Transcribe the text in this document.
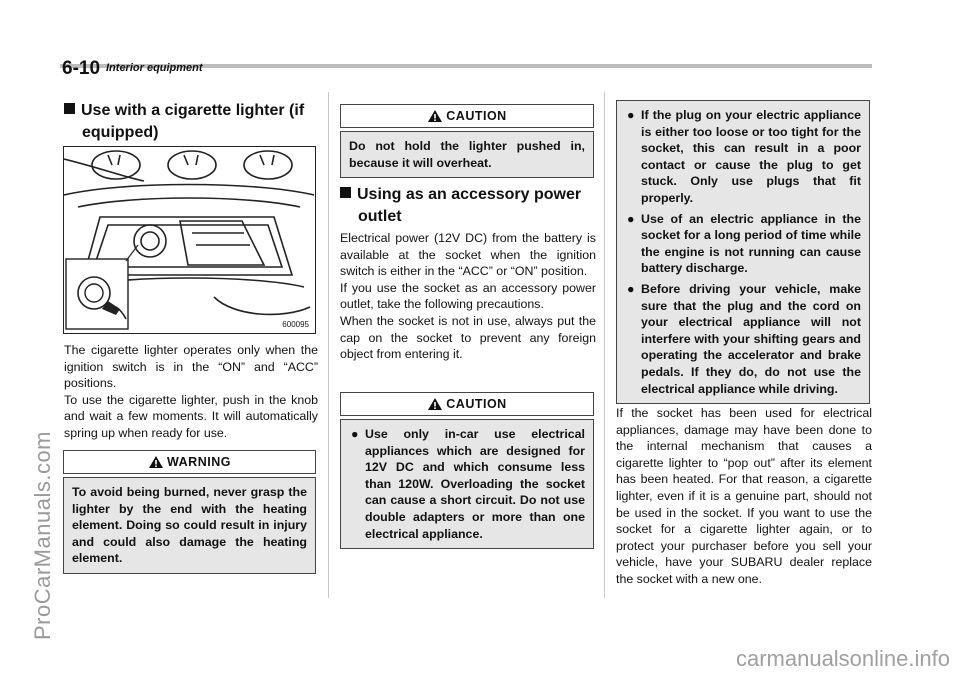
6-10 Interior equipment
Use with a cigarette lighter (if
equipped)
600095

The cigarette lighter operates only when the ignition switch is in the “ON” and “ACC” positions.

To use the cigarette lighter, push in the knob and wait a few moments. It will automatically spring up when ready for use.

WARNING
To avoid being burned, never grasp the lighter by the end with the heating element. Doing so could result in injury and could also damage the heating element.
CAUTION
Do not hold the lighter pushed in, because it will overheat.
Using as an accessory power
outlet

Electrical power (12V DC) from the battery is available at the socket when the ignition switch is either in the “ACC” or “ON” position.

If you use the socket as an accessory power outlet, take the following precautions.

When the socket is not in use, always put the cap on the socket to prevent any foreign object from entering it.

CAUTION
● Use only in-car use electrical appliances which are designed for 12V DC and which consume less than 120W. Overloading the socket can cause a short circuit. Do not use double adapters or more than one electrical appliance.
● If the plug on your electric appliance is either too loose or too tight for the socket, this can result in a poor contact or cause the plug to get stuck. Only use plugs that fit properly.
● Use of an electric appliance in the socket for a long period of time while the engine is not running can cause battery discharge.
● Before driving your vehicle, make sure that the plug and the cord on your electrical appliance will not interfere with your shifting gears and operating the accelerator and brake pedals. If they do, do not use the electrical appliance while driving.
If the socket has been used for electrical appliances, damage may have been done to the internal mechanism that causes a cigarette lighter to “pop out” after its element has been heated. For that reason, a cigarette lighter, even if it is a genuine part, should not be used in the socket. If you want to use the socket for a cigarette lighter again, or to protect your purchaser before you sell your vehicle, have your SUBARU dealer replace the socket with a new one.
ProCarManuals.com
carmanualsonline.info
